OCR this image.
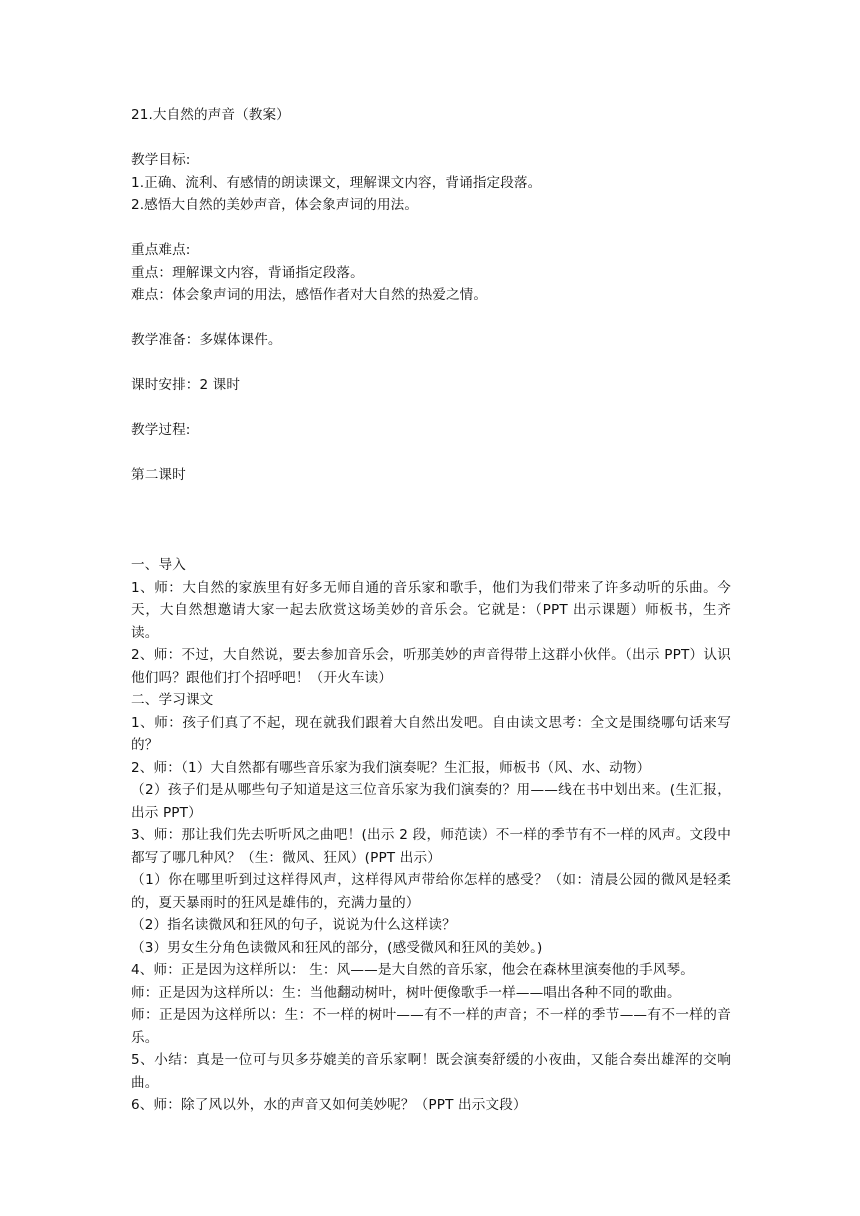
21.大自然的声音（教案）
教学目标:
1.正确、流利、有感情的朗读课文，理解课文内容，背诵指定段落。
2.感悟大自然的美妙声音，体会象声词的用法。
重点难点:
重点：理解课文内容，背诵指定段落。
难点：体会象声词的用法，感悟作者对大自然的热爱之情。
教学准备：多媒体课件。
课时安排：2 课时
教学过程:
第二课时
一、导入
1、师：大自然的家族里有好多无师自通的音乐家和歌手，他们为我们带来了许多动听的乐曲。今天，大自然想邀请大家一起去欣赏这场美妙的音乐会。它就是：（PPT 出示课题）师板书，生齐读。
2、师：不过，大自然说，要去参加音乐会，听那美妙的声音得带上这群小伙伴。（出示 PPT）认识他们吗？跟他们打个招呼吧！（开火车读）
二、学习课文
1、师：孩子们真了不起，现在就我们跟着大自然出发吧。自由读文思考：全文是围绕哪句话来写的？
2、师：（1）大自然都有哪些音乐家为我们演奏呢？生汇报，师板书（风、水、动物）
（2）孩子们是从哪些句子知道是这三位音乐家为我们演奏的？用——线在书中划出来。(生汇报，出示 PPT）
3、师：那让我们先去听听风之曲吧！(出示 2 段，师范读）不一样的季节有不一样的风声。文段中都写了哪几种风？（生：微风、狂风）(PPT 出示）
（1）你在哪里听到过这样得风声，这样得风声带给你怎样的感受？（如：清晨公园的微风是轻柔的，夏天暴雨时的狂风是雄伟的，充满力量的）
（2）指名读微风和狂风的句子，说说为什么这样读？
（3）男女生分角色读微风和狂风的部分，(感受微风和狂风的美妙。)
4、师：正是因为这样所以： 生：风——是大自然的音乐家，他会在森林里演奏他的手风琴。
师：正是因为这样所以：生：当他翻动树叶，树叶便像歌手一样——唱出各种不同的歌曲。
师：正是因为这样所以：生：不一样的树叶——有不一样的声音；不一样的季节——有不一样的音乐。
5、小结：真是一位可与贝多芬媲美的音乐家啊！既会演奏舒缓的小夜曲，又能合奏出雄浑的交响曲。
6、师：除了风以外，水的声音又如何美妙呢？（PPT 出示文段）
